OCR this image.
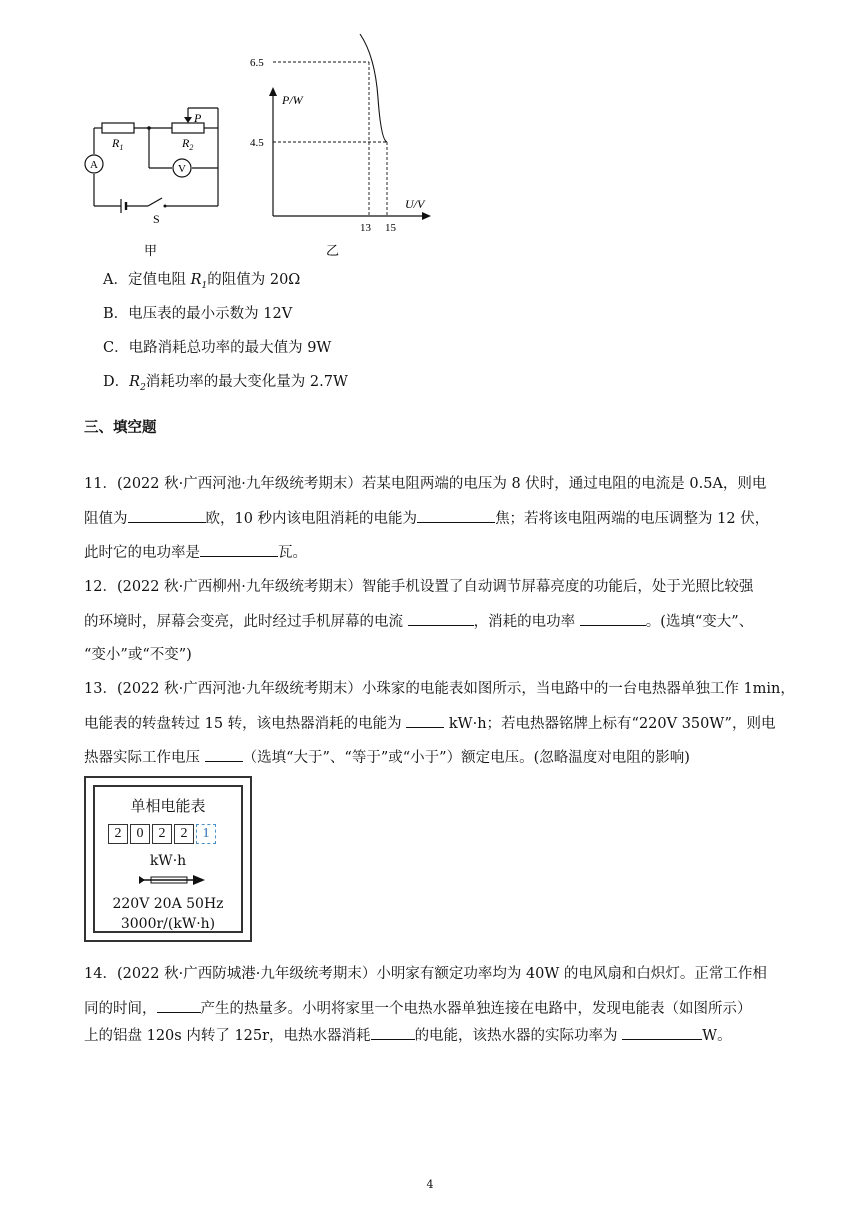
P
$R_1$	$R_2$
A	V
S
甲
P/W
U/V
6.5
4.5
13 15
乙
A．定值电阻 $R_1$的阻值为 20Ω
B．电压表的最小示数为 12V
C．电路消耗总功率的最大值为 9W
D．$R_2$消耗功率的最大变化量为 2.7W
三、填空题
11．(2022 秋·广西河池·九年级统考期末）若某电阻两端的电压为 8 伏时，通过电阻的电流是 0.5A，则电
阻值为	欧，10 秒内该电阻消耗的电能为	焦；若将该电阻两端的电压调整为 12 伏，
此时它的电功率是	瓦。
12．(2022 秋·广西柳州·九年级统考期末）智能手机设置了自动调节屏幕亮度的功能后，处于光照比较强
的环境时，屏幕会变亮，此时经过手机屏幕的电流	，消耗的电功率	。(选填“变大”、
“变小”或“不变”)
13．(2022 秋·广西河池·九年级统考期末）小珠家的电能表如图所示，当电路中的一台电热器单独工作 1min，
电能表的转盘转过 15 转，该电热器消耗的电能为	kW·h；若电热器铭牌上标有“220V 350W”，则电
热器实际工作电压	（选填“大于”、“等于”或“小于”）额定电压。(忽略温度对电阻的影响)
单相电能表
2	0	2	2	1
kW·h
220V 20A 50Hz
3000r/(kW·h)
14．(2022 秋·广西防城港·九年级统考期末）小明家有额定功率均为 40W 的电风扇和白炽灯。正常工作相
同的时间，	产生的热量多。小明将家里一个电热水器单独连接在电路中，发现电能表（如图所示）
上的铝盘 120s 内转了 125r，电热水器消耗	的电能，该热水器的实际功率为	W。
4
